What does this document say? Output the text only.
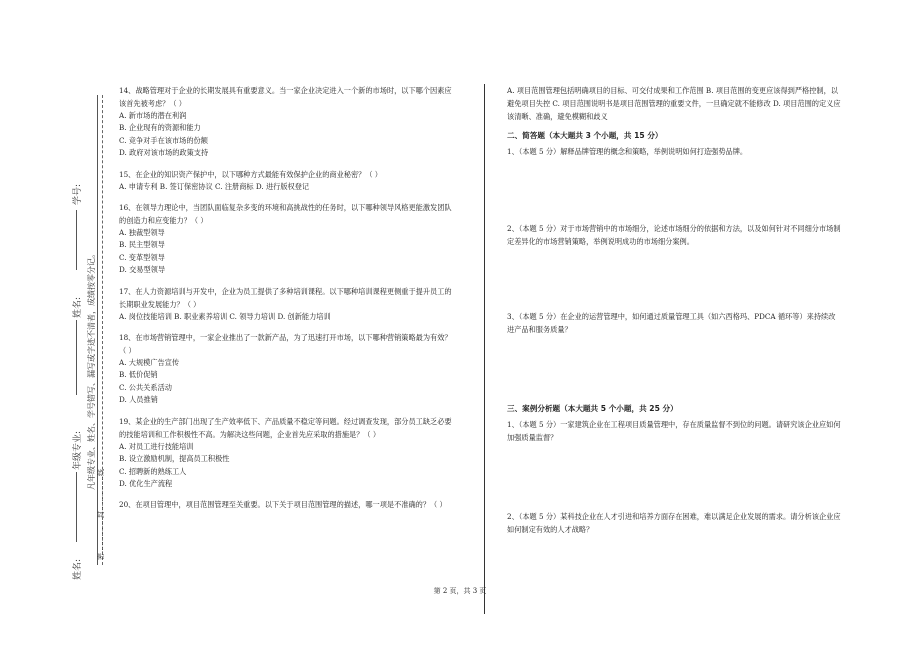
学号:
姓名:
年级专业:
姓名:
凡年级专业、姓名、学号错写、漏写或字迹不清者，成绩按零分记。
密……………封……………线

14、战略管理对于企业的长期发展具有重要意义。当一家企业决定进入一个新的市场时，以下哪个因素应该首先被考虑？（ ）

A. 新市场的潜在利润

B. 企业现有的资源和能力

C. 竞争对手在该市场的份额

D. 政府对该市场的政策支持

15、在企业的知识资产保护中，以下哪种方式最能有效保护企业的商业秘密？（ ）

A. 申请专利 B. 签订保密协议 C. 注册商标 D. 进行版权登记

16、在领导力理论中，当团队面临复杂多变的环境和高挑战性的任务时，以下哪种领导风格更能激发团队的创造力和应变能力？（ ）

A. 独裁型领导

B. 民主型领导

C. 变革型领导

D. 交易型领导

17、在人力资源培训与开发中，企业为员工提供了多种培训课程。以下哪种培训课程更侧重于提升员工的长期职业发展能力？（ ）

A. 岗位技能培训 B. 职业素养培训 C. 领导力培训 D. 创新能力培训

18、在市场营销管理中，一家企业推出了一款新产品，为了迅速打开市场，以下哪种营销策略最为有效？（ ）

A. 大规模广告宣传

B. 低价促销

C. 公共关系活动

D. 人员推销

19、某企业的生产部门出现了生产效率低下、产品质量不稳定等问题。经过调查发现，部分员工缺乏必要的技能培训和工作积极性不高。为解决这些问题，企业首先应采取的措施是？（ ）

A. 对员工进行技能培训

B. 设立激励机制，提高员工积极性

C. 招聘新的熟练工人

D. 优化生产流程

20、在项目管理中，项目范围管理至关重要。以下关于项目范围管理的描述，哪一项是不准确的？（ ）

A. 项目范围管理包括明确项目的目标、可交付成果和工作范围 B. 项目范围的变更应该得到严格控制，以避免项目失控 C. 项目范围说明书是项目范围管理的重要文件，一旦确定就不能修改 D. 项目范围的定义应该清晰、准确，避免模糊和歧义

二、简答题（本大题共 3 个小题，共 15 分）

1、（本题 5 分）解释品牌管理的概念和策略，举例说明如何打造强势品牌。

2、（本题 5 分）对于市场营销中的市场细分，论述市场细分的依据和方法，以及如何针对不同细分市场制定差异化的市场营销策略，举例说明成功的市场细分案例。

3、（本题 5 分）在企业的运营管理中，如何通过质量管理工具（如六西格玛、PDCA 循环等）来持续改进产品和服务质量？

三、案例分析题（本大题共 5 个小题，共 25 分）

1、（本题 5 分）一家建筑企业在工程项目质量管理中，存在质量监督不到位的问题。请研究该企业应如何加强质量监督？

2、（本题 5 分）某科技企业在人才引进和培养方面存在困难，难以满足企业发展的需求。请分析该企业应如何制定有效的人才战略？

第 2 页，共 3 页
